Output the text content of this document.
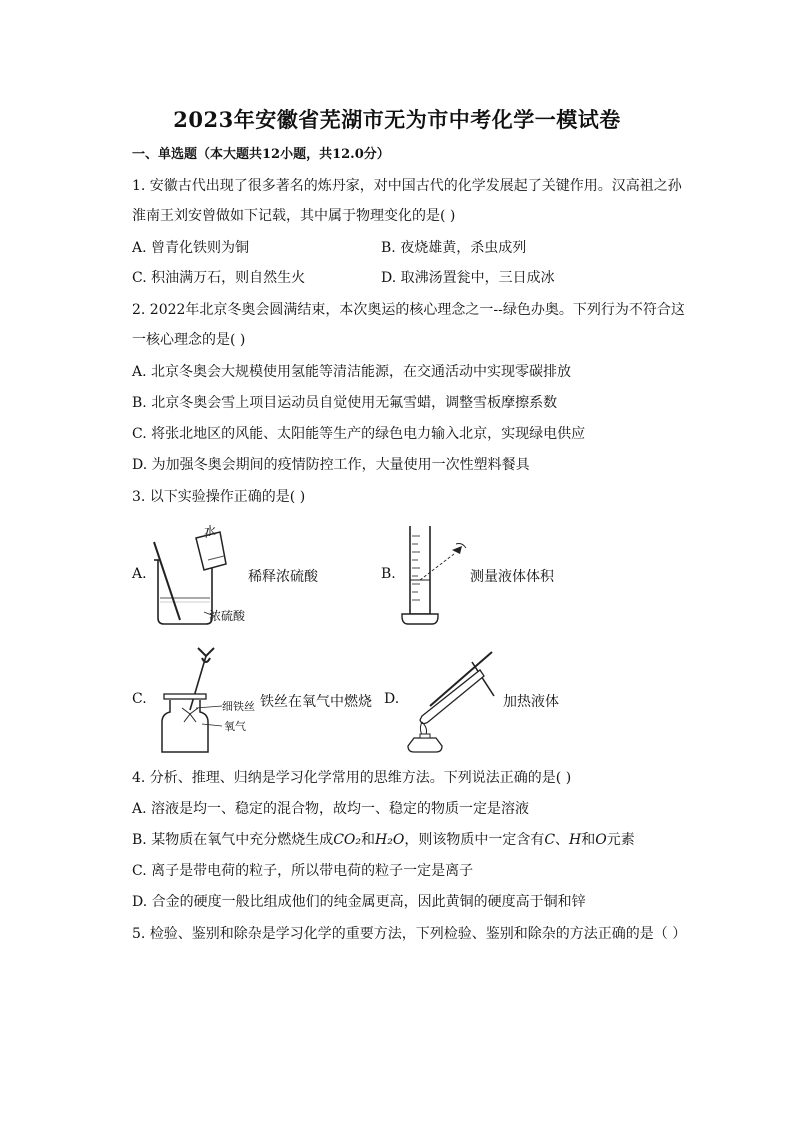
2023年安徽省芜湖市无为市中考化学一模试卷
一、单选题（本大题共12小题，共12.0分）
1. 安徽古代出现了很多著名的炼丹家，对中国古代的化学发展起了关键作用。汉高祖之孙
淮南王刘安曾做如下记载，其中属于物理变化的是( )
A. 曾青化铁则为铜	B. 夜烧雄黄，杀虫成列
C. 积油满万石，则自然生火	D. 取沸汤置瓮中，三日成冰
2. 2022年北京冬奥会圆满结束，本次奥运的核心理念之一--绿色办奥。下列行为不符合这
一核心理念的是( )
A. 北京冬奥会大规模使用氢能等清洁能源，在交通活动中实现零碳排放
B. 北京冬奥会雪上项目运动员自觉使用无氟雪蜡，调整雪板摩擦系数
C. 将张北地区的风能、太阳能等生产的绿色电力输入北京，实现绿电供应
D. 为加强冬奥会期间的疫情防控工作，大量使用一次性塑料餐具
3. 以下实验操作正确的是( )
A.
水
浓硫酸
稀释浓硫酸	B.	测量液体体积
C.	细铁丝
氧气
铁丝在氧气中燃烧 D.	加热液体
4. 分析、推理、归纳是学习化学常用的思维方法。下列说法正确的是( )
A. 溶液是均一、稳定的混合物，故均一、稳定的物质一定是溶液
B. 某物质在氧气中充分燃烧生成CO₂和H₂O，则该物质中一定含有C、H和O元素
C. 离子是带电荷的粒子，所以带电荷的粒子一定是离子
D. 合金的硬度一般比组成他们的纯金属更高，因此黄铜的硬度高于铜和锌
5. 检验、鉴别和除杂是学习化学的重要方法，下列检验、鉴别和除杂的方法正确的是（ ）
